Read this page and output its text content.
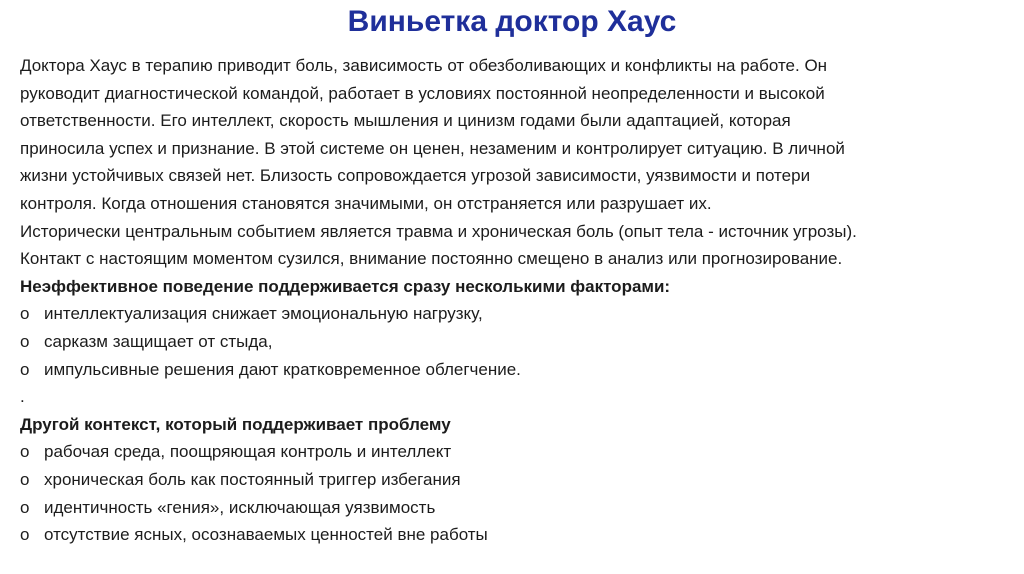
Виньетка доктор Хаус
Доктора Хаус в терапию приводит боль, зависимость от обезболивающих и конфликты на работе. Он
руководит диагностической командой, работает в условиях постоянной неопределенности и высокой
ответственности. Его интеллект, скорость мышления и цинизм годами были адаптацией, которая
приносила успех и признание. В этой системе он ценен, незаменим и контролирует ситуацию. В личной
жизни устойчивых связей нет. Близость сопровождается угрозой зависимости, уязвимости и потери
контроля. Когда отношения становятся значимыми, он отстраняется или разрушает их.
Исторически центральным событием является травма и хроническая боль (опыт тела - источник угрозы).
Контакт с настоящим моментом сузился, внимание постоянно смещено в анализ или прогнозирование.
Неэффективное поведение поддерживается сразу несколькими факторами:
o интеллектуализация снижает эмоциональную нагрузку,
o сарказм защищает от стыда,
o импульсивные решения дают кратковременное облегчение.
.
Другой контекст, который поддерживает проблему
o рабочая среда, поощряющая контроль и интеллект
o хроническая боль как постоянный триггер избегания
o идентичность «гения», исключающая уязвимость
o отсутствие ясных, осознаваемых ценностей вне работы
